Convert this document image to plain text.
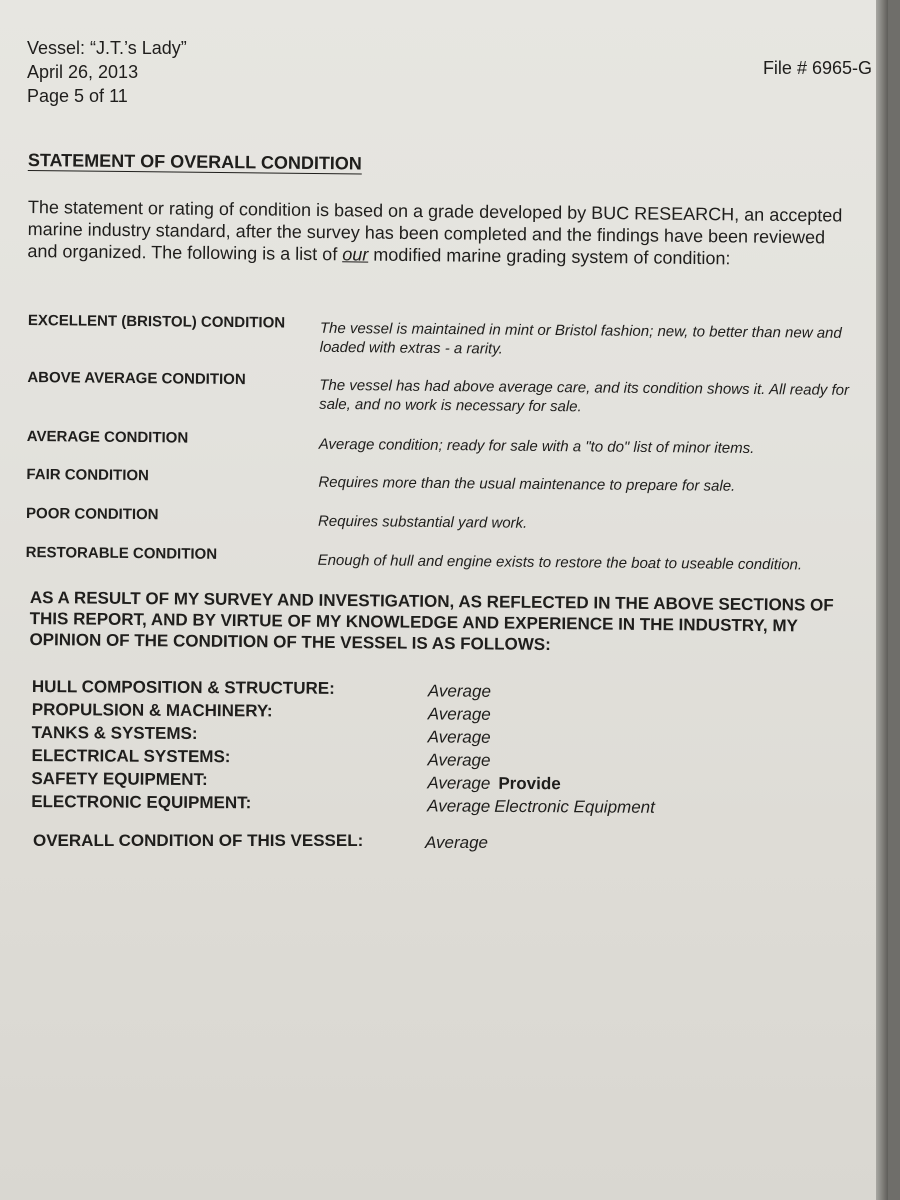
Vessel: “J.T.’s Lady”
April 26, 2013
Page 5 of 11
File # 6965-G
STATEMENT OF OVERALL CONDITION
The statement or rating of condition is based on a grade developed by BUC RESEARCH, an accepted marine industry standard, after the survey has been completed and the findings have been reviewed and organized. The following is a list of our modified marine grading system of condition:
EXCELLENT (BRISTOL) CONDITION	The vessel is maintained in mint or Bristol fashion; new, to better than new and loaded with extras - a rarity.
ABOVE AVERAGE CONDITION	The vessel has had above average care, and its condition shows it. All ready for sale, and no work is necessary for sale.
AVERAGE CONDITION	Average condition; ready for sale with a "to do" list of minor items.
FAIR CONDITION	Requires more than the usual maintenance to prepare for sale.
POOR CONDITION	Requires substantial yard work.
RESTORABLE CONDITION	Enough of hull and engine exists to restore the boat to useable condition.
AS A RESULT OF MY SURVEY AND INVESTIGATION, AS REFLECTED IN THE ABOVE SECTIONS OF THIS REPORT, AND BY VIRTUE OF MY KNOWLEDGE AND EXPERIENCE IN THE INDUSTRY, MY OPINION OF THE CONDITION OF THE VESSEL IS AS FOLLOWS:
HULL COMPOSITION & STRUCTURE:	Average
PROPULSION & MACHINERY:	Average
TANKS & SYSTEMS:	Average
ELECTRICAL SYSTEMS:	Average
SAFETY EQUIPMENT:	Average Provide
ELECTRONIC EQUIPMENT:	Average Electronic Equipment
OVERALL CONDITION OF THIS VESSEL:	Average
